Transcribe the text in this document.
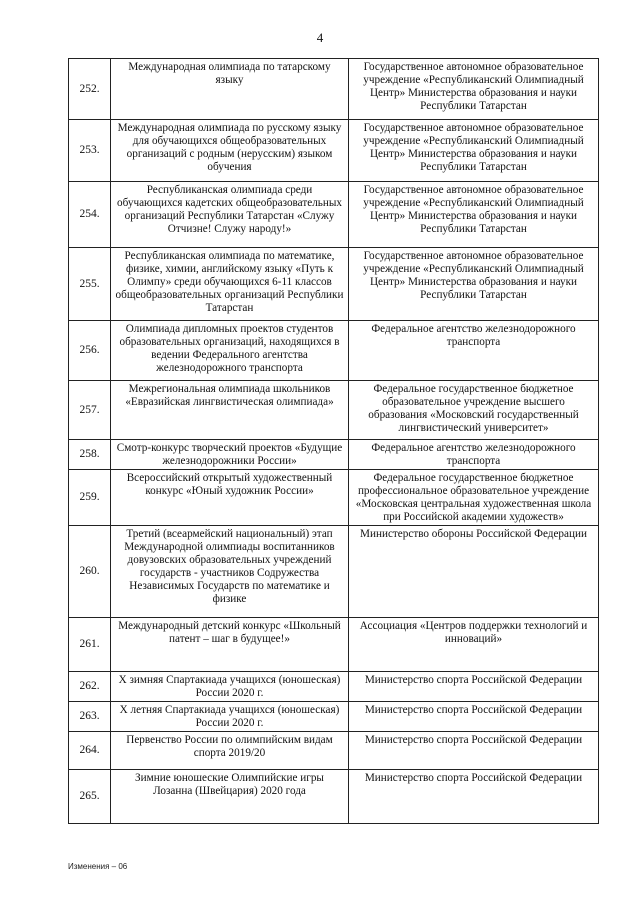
4
252.	Международная олимпиада по татарскому языку	Государственное автономное образовательное учреждение «Республиканский Олимпиадный Центр» Министерства образования и науки Республики Татарстан
253.	Международная олимпиада по русскому языку для обучающихся общеобразовательных организаций с родным (нерусским) языком обучения	Государственное автономное образовательное учреждение «Республиканский Олимпиадный Центр» Министерства образования и науки Республики Татарстан
254.	Республиканская олимпиада среди обучающихся кадетских общеобразовательных организаций Республики Татарстан «Служу Отчизне! Служу народу!»	Государственное автономное образовательное учреждение «Республиканский Олимпиадный Центр» Министерства образования и науки Республики Татарстан
255.	Республиканская олимпиада по математике, физике, химии, английскому языку «Путь к Олимпу» среди обучающихся 6-11 классов общеобразовательных организаций Республики Татарстан	Государственное автономное образовательное учреждение «Республиканский Олимпиадный Центр» Министерства образования и науки Республики Татарстан
256.	Олимпиада дипломных проектов студентов образовательных организаций, находящихся в ведении Федерального агентства железнодорожного транспорта	Федеральное агентство железнодорожного транспорта
257.	Межрегиональная олимпиада школьников «Евразийская лингвистическая олимпиада»	Федеральное государственное бюджетное образовательное учреждение высшего образования «Московский государственный лингвистический университет»
258.	Смотр-конкурс творческий проектов «Будущие железнодорожники России»	Федеральное агентство железнодорожного транспорта
259.	Всероссийский открытый художественный конкурс «Юный художник России»	Федеральное государственное бюджетное профессиональное образовательное учреждение «Московская центральная художественная школа при Российской академии художеств»
260.	Третий (всеармейский национальный) этап Международной олимпиады воспитанников довузовских образовательных учреждений государств - участников Содружества Независимых Государств по математике и физике	Министерство обороны Российской Федерации
261.	Международный детский конкурс «Школьный патент – шаг в будущее!»	Ассоциация «Центров поддержки технологий и инноваций»
262.	X зимняя Спартакиада учащихся (юношеская) России 2020 г.	Министерство спорта Российской Федерации
263.	X летняя Спартакиада учащихся (юношеская) России 2020 г.	Министерство спорта Российской Федерации
264.	Первенство России по олимпийским видам спорта 2019/20	Министерство спорта Российской Федерации
265.	Зимние юношеские Олимпийские игры Лозанна (Швейцария) 2020 года	Министерство спорта Российской Федерации
Изменения – 06
